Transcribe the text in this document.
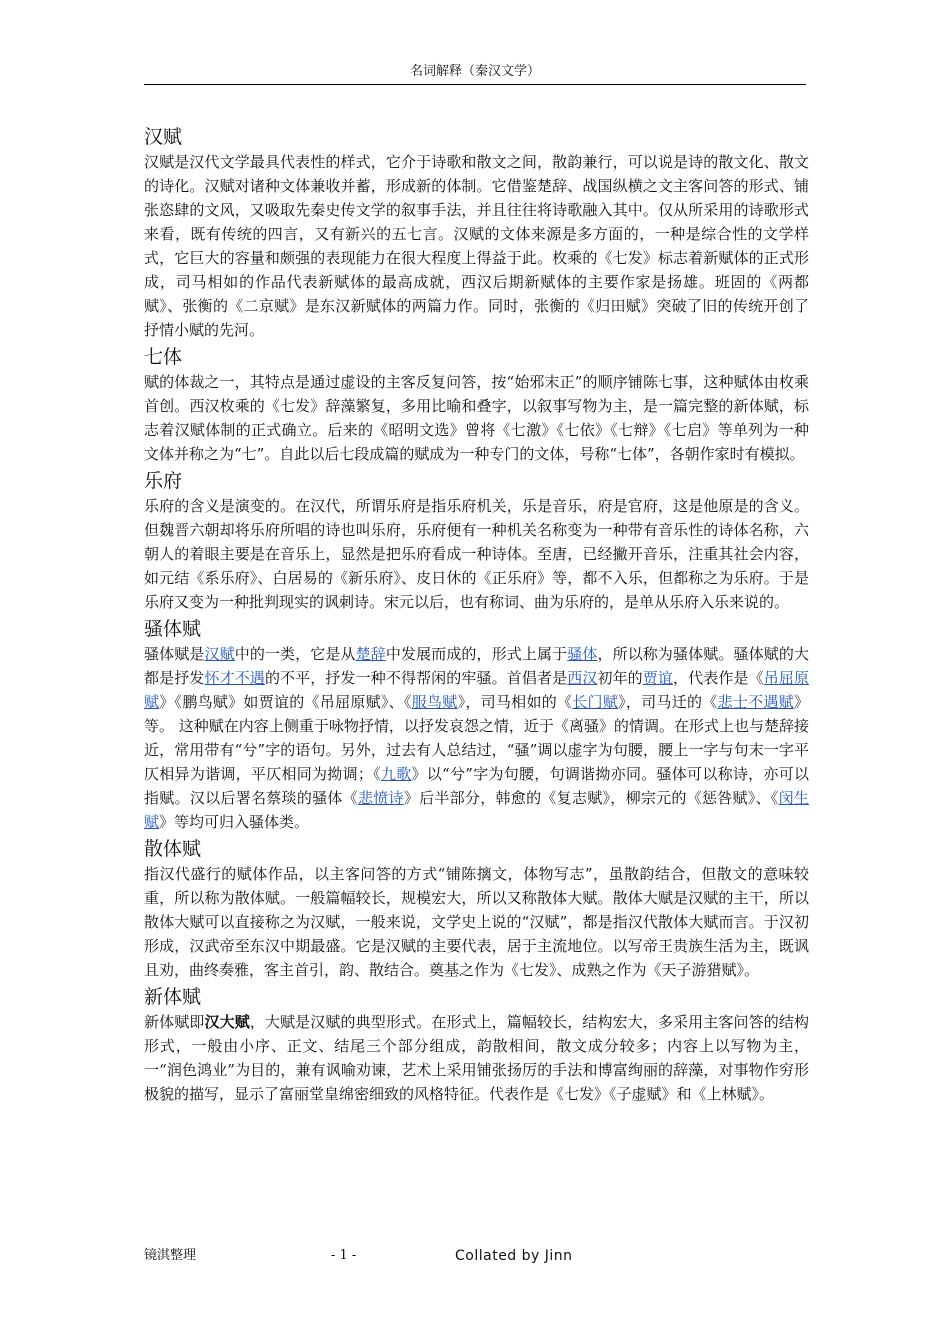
名词解释（秦汉文学）
汉赋

汉赋是汉代文学最具代表性的样式，它介于诗歌和散文之间，散韵兼行，可以说是诗的散文化、散文的诗化。汉赋对诸种文体兼收并蓄，形成新的体制。它借鉴楚辞、战国纵横之文主客问答的形式、铺张恣肆的文风，又吸取先秦史传文学的叙事手法，并且往往将诗歌融入其中。仅从所采用的诗歌形式来看，既有传统的四言，又有新兴的五七言。汉赋的文体来源是多方面的，一种是综合性的文学样式，它巨大的容量和颇强的表现能力在很大程度上得益于此。枚乘的《七发》标志着新赋体的正式形成，司马相如的作品代表新赋体的最高成就，西汉后期新赋体的主要作家是扬雄。班固的《两都赋》、张衡的《二京赋》是东汉新赋体的两篇力作。同时，张衡的《归田赋》突破了旧的传统开创了抒情小赋的先河。

七体

赋的体裁之一，其特点是通过虚设的主客反复问答，按“始邪末正”的顺序铺陈七事，这种赋体由枚乘首创。西汉枚乘的《七发》辞藻繁复，多用比喻和叠字，以叙事写物为主，是一篇完整的新体赋，标志着汉赋体制的正式确立。后来的《昭明文选》曾将《七激》《七依》《七辩》《七启》等单列为一种文体并称之为“七”。自此以后七段成篇的赋成为一种专门的文体，号称“七体”，各朝作家时有模拟。

乐府

乐府的含义是演变的。在汉代，所谓乐府是指乐府机关，乐是音乐，府是官府，这是他原是的含义。但魏晋六朝却将乐府所唱的诗也叫乐府，乐府便有一种机关名称变为一种带有音乐性的诗体名称，六朝人的着眼主要是在音乐上，显然是把乐府看成一种诗体。至唐，已经撇开音乐，注重其社会内容，如元结《系乐府》、白居易的《新乐府》、皮日休的《正乐府》等，都不入乐，但都称之为乐府。于是乐府又变为一种批判现实的讽刺诗。宋元以后，也有称词、曲为乐府的，是单从乐府入乐来说的。

骚体赋

骚体赋是汉赋中的一类，它是从楚辞中发展而成的，形式上属于骚体，所以称为骚体赋。骚体赋的大都是抒发怀才不遇的不平，抒发一种不得帮闲的牢骚。首倡者是西汉初年的贾谊，代表作是《吊屈原赋》《鹏鸟赋》如贾谊的《吊屈原赋》、《服鸟赋》，司马相如的《长门赋》，司马迁的《悲士不遇赋》等。 这种赋在内容上侧重于咏物抒情，以抒发哀怨之情，近于《离骚》的情调。在形式上也与楚辞接近，常用带有“兮”字的语句。另外，过去有人总结过，“骚”调以虚字为句腰，腰上一字与句末一字平仄相异为谐调，平仄相同为拗调；《九歌》以“兮”字为句腰，句调谐拗亦同。骚体可以称诗，亦可以指赋。汉以后署名蔡琰的骚体《悲愤诗》后半部分，韩愈的《复志赋》，柳宗元的《惩咎赋》、《闵生赋》等均可归入骚体类。

散体赋

指汉代盛行的赋体作品，以主客问答的方式“铺陈摛文，体物写志”，虽散韵结合，但散文的意味较重，所以称为散体赋。一般篇幅较长，规模宏大，所以又称散体大赋。散体大赋是汉赋的主干，所以散体大赋可以直接称之为汉赋，一般来说，文学史上说的“汉赋”，都是指汉代散体大赋而言。于汉初形成，汉武帝至东汉中期最盛。它是汉赋的主要代表，居于主流地位。以写帝王贵族生活为主，既讽且劝，曲终奏雅，客主首引，韵、散结合。奠基之作为《七发》、成熟之作为《天子游猎赋》。

新体赋

新体赋即汉大赋，大赋是汉赋的典型形式。在形式上，篇幅较长，结构宏大，多采用主客问答的结构形式，一般由小序、正文、结尾三个部分组成，韵散相间，散文成分较多；内容上以写物为主，一“润色鸿业”为目的，兼有讽喻劝谏，艺术上采用铺张扬厉的手法和博富绚丽的辞藻，对事物作穷形极貌的描写，显示了富丽堂皇绵密细致的风格特征。代表作是《七发》《子虚赋》和《上林赋》。

镜淇整理	- 1 -	Collated by Jinn
